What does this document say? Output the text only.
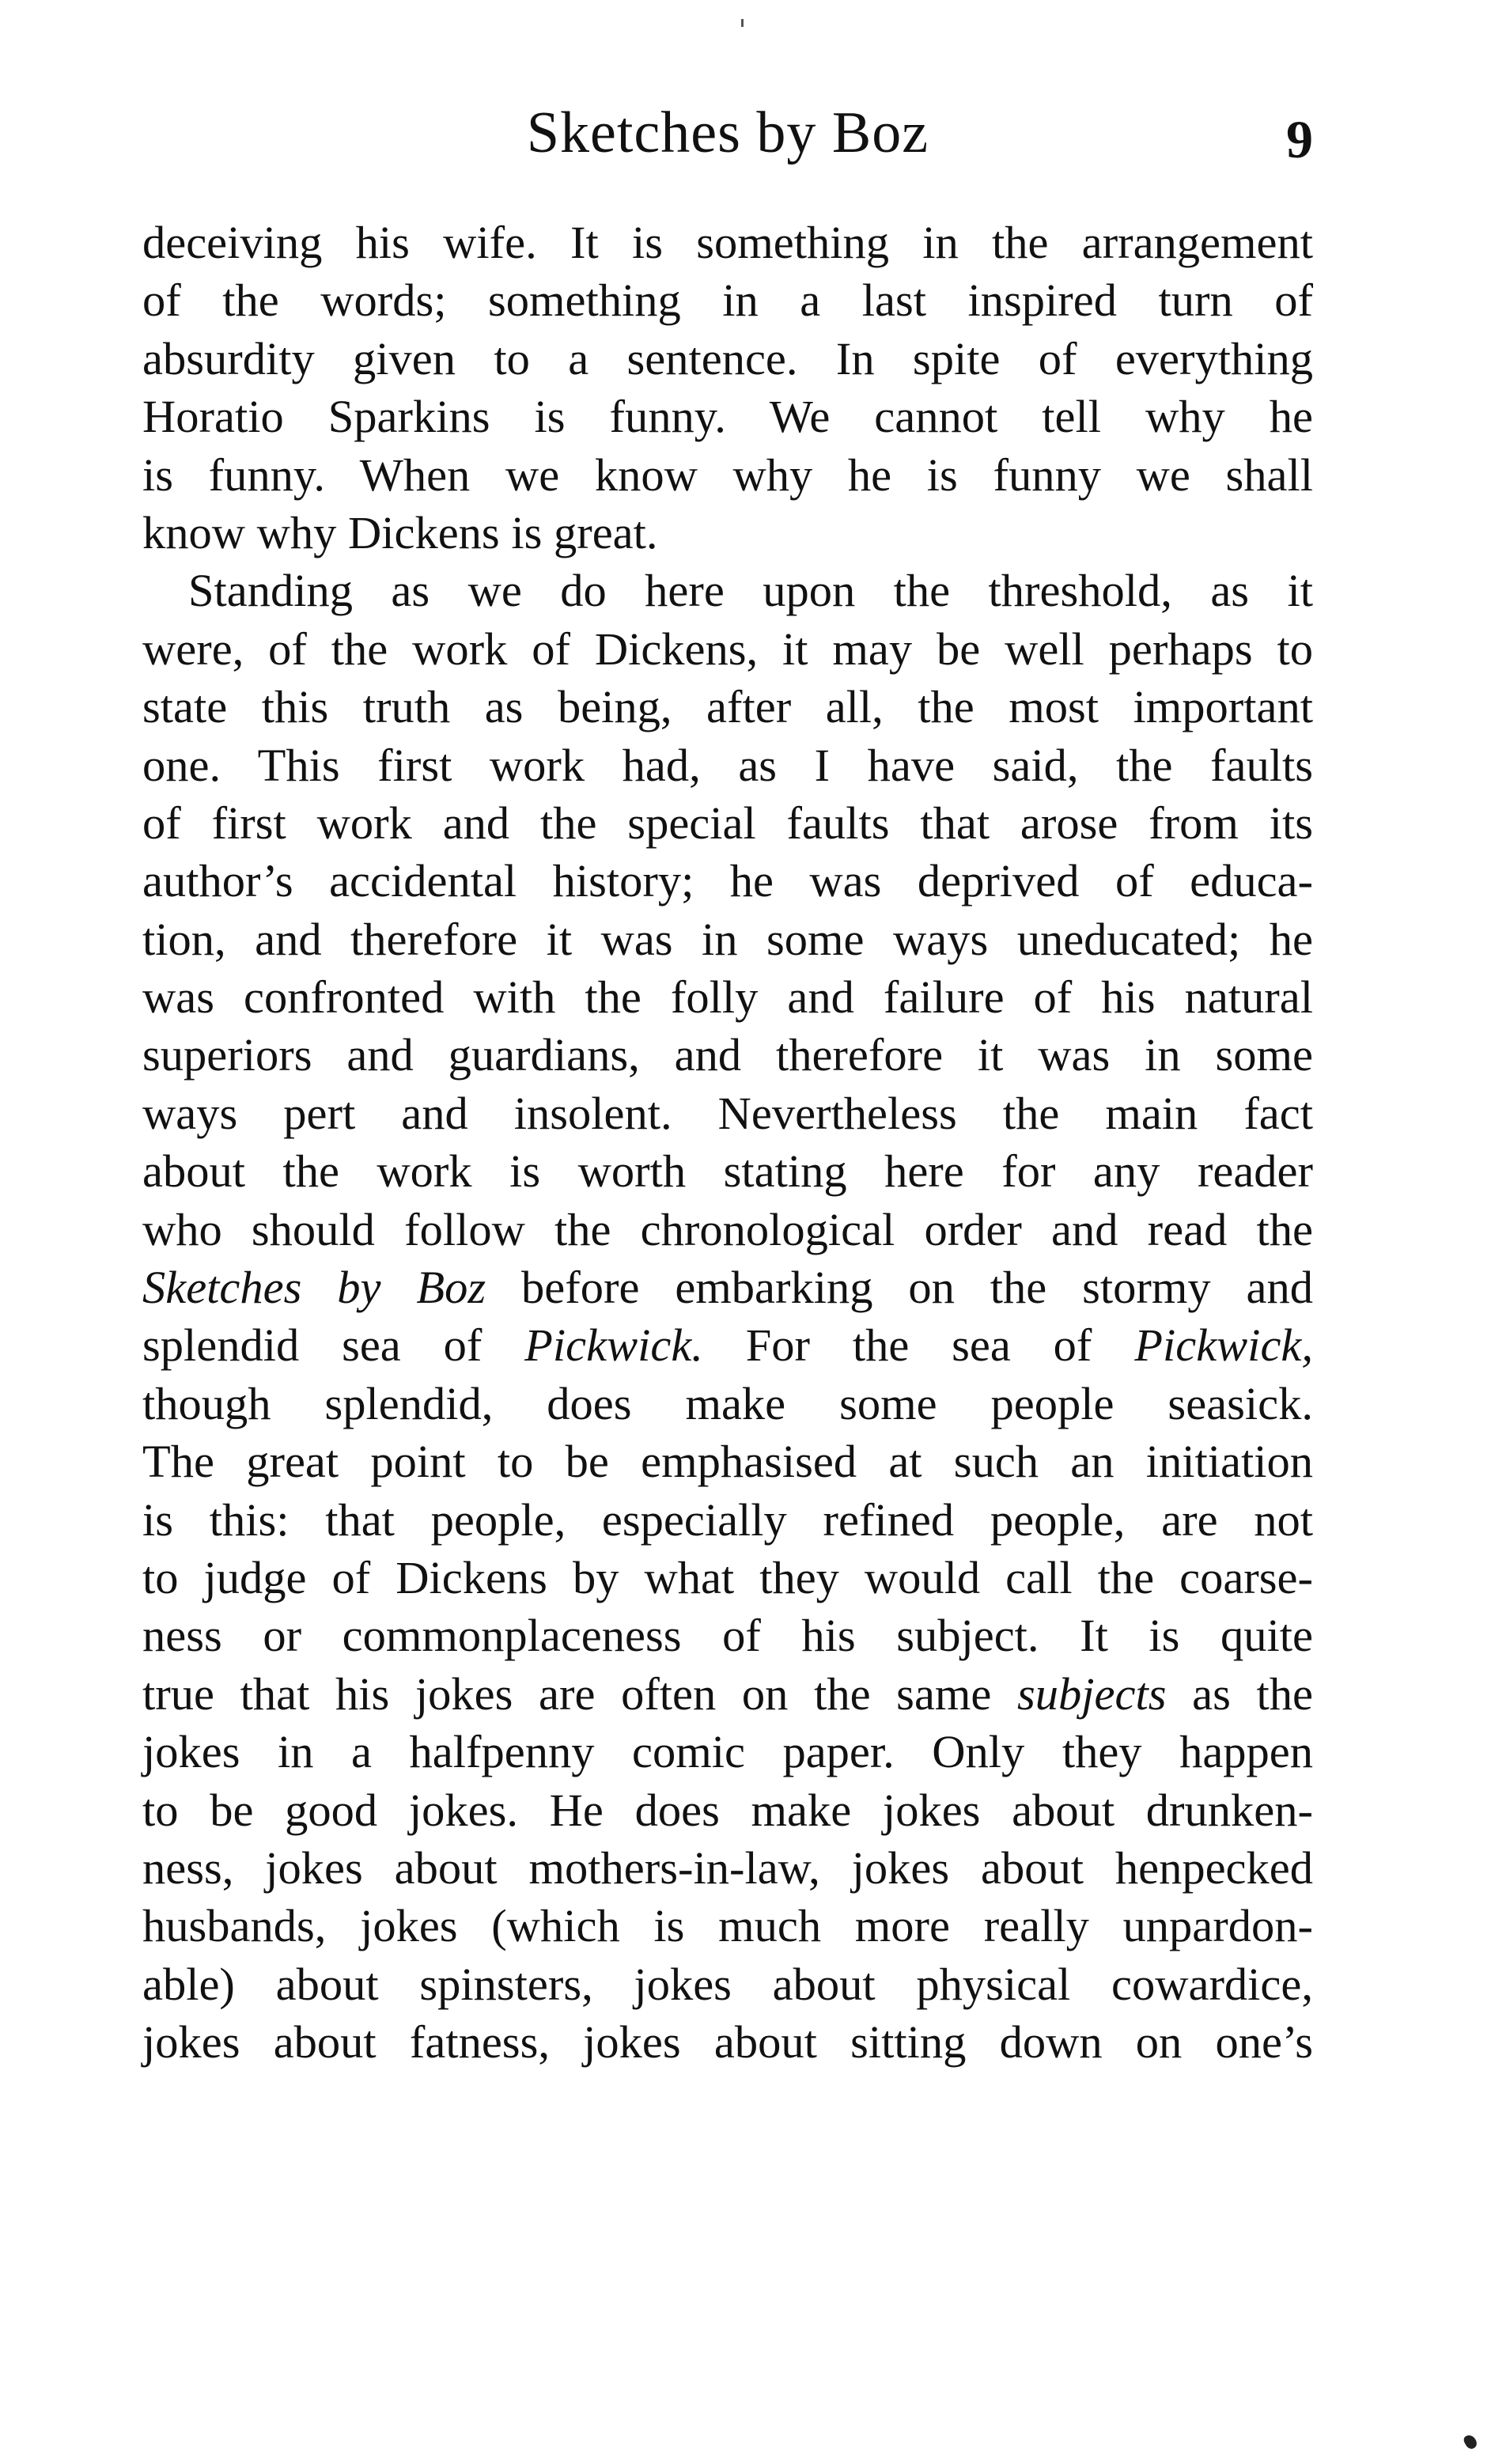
Sketches by Boz	9
deceiving his wife. It is something in the arrangement
of the words; something in a last inspired turn of
absurdity given to a sentence. In spite of everything
Horatio Sparkins is funny. We cannot tell why he
is funny. When we know why he is funny we shall
know why Dickens is great.
Standing as we do here upon the threshold, as it
were, of the work of Dickens, it may be well perhaps to
state this truth as being, after all, the most important
one. This first work had, as I have said, the faults
of first work and the special faults that arose from its
author’s accidental history; he was deprived of educa-
tion, and therefore it was in some ways uneducated; he
was confronted with the folly and failure of his natural
superiors and guardians, and therefore it was in some
ways pert and insolent. Nevertheless the main fact
about the work is worth stating here for any reader
who should follow the chronological order and read the
Sketches by Boz before embarking on the stormy and
splendid sea of Pickwick. For the sea of Pickwick,
though splendid, does make some people seasick.
The great point to be emphasised at such an initiation
is this: that people, especially refined people, are not
to judge of Dickens by what they would call the coarse-
ness or commonplaceness of his subject. It is quite
true that his jokes are often on the same subjects as the
jokes in a halfpenny comic paper. Only they happen
to be good jokes. He does make jokes about drunken-
ness, jokes about mothers-in-law, jokes about henpecked
husbands, jokes (which is much more really unpardon-
able) about spinsters, jokes about physical cowardice,
jokes about fatness, jokes about sitting down on one’s
